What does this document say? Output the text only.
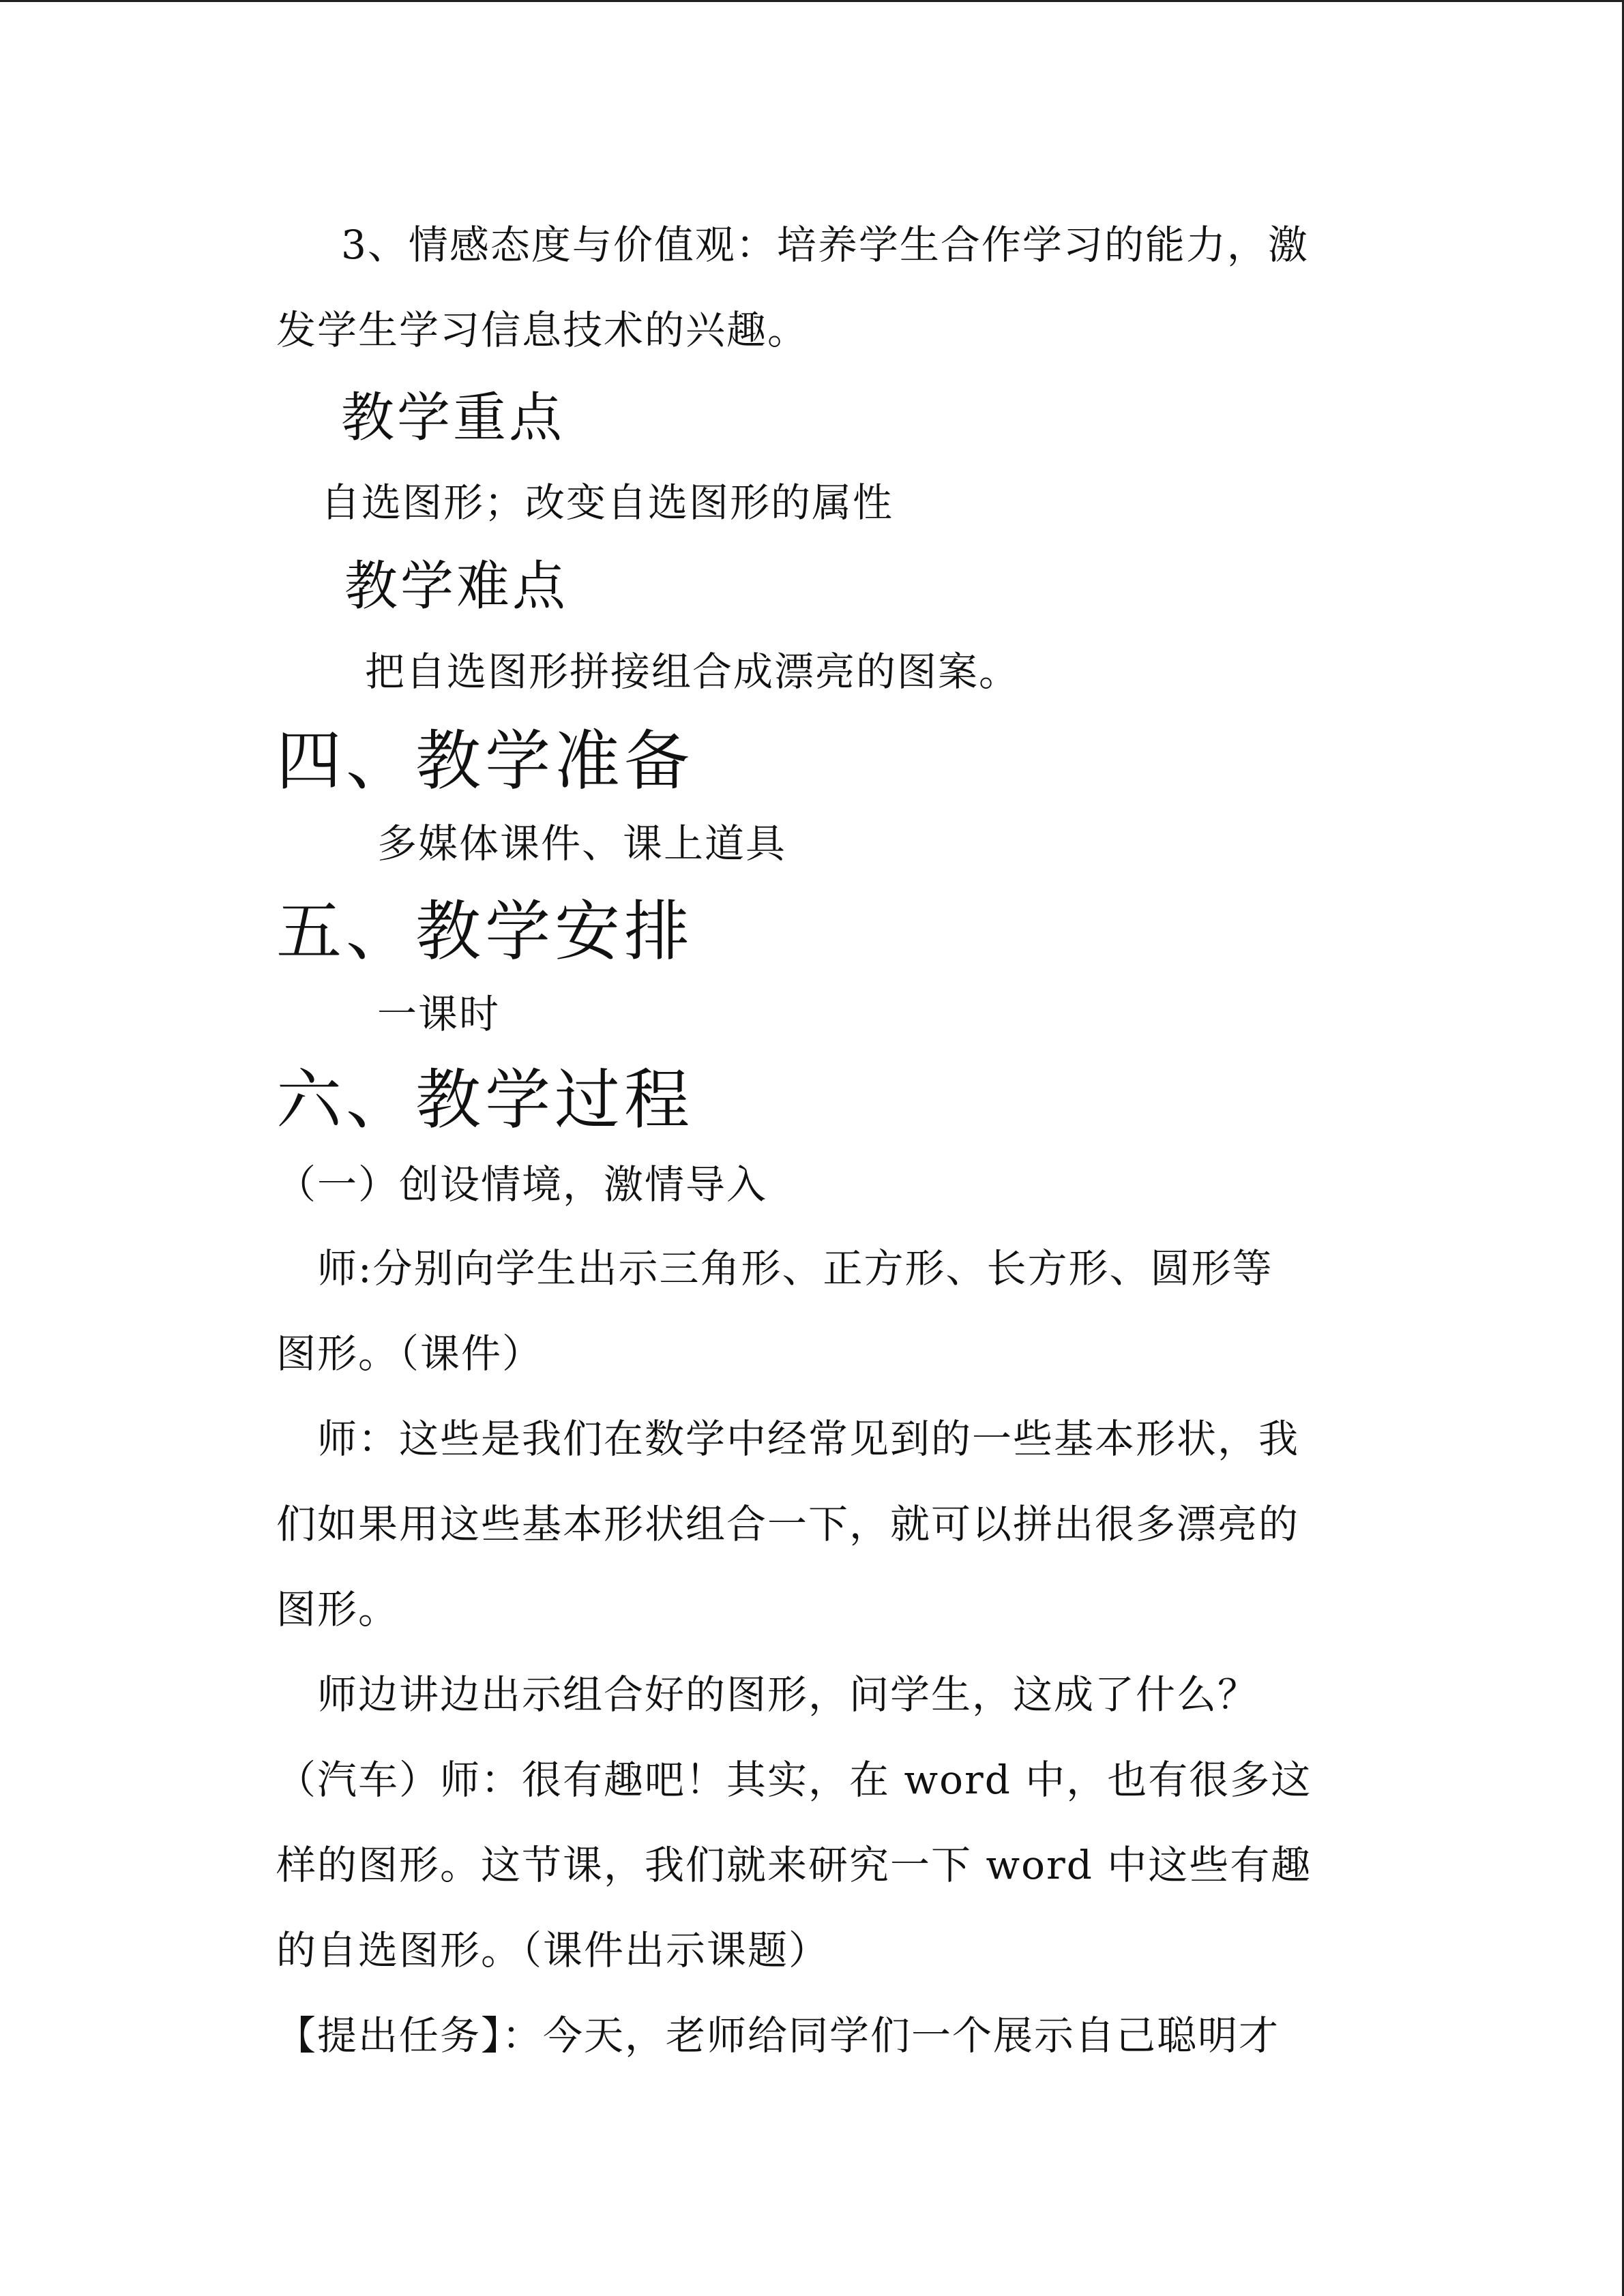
3、情感态度与价值观：培养学生合作学习的能力，激

发学生学习信息技术的兴趣。

教学重点

自选图形；改变自选图形的属性

教学难点

把自选图形拼接组合成漂亮的图案。

四、教学准备

多媒体课件、课上道具

五、教学安排

一课时

六、教学过程

（一）创设情境，激情导入

师:分别向学生出示三角形、正方形、长方形、圆形等

图形。（课件）

师：这些是我们在数学中经常见到的一些基本形状，我

们如果用这些基本形状组合一下，就可以拼出很多漂亮的

图形。

师边讲边出示组合好的图形，问学生，这成了什么？

（汽车）师：很有趣吧！其实，在 word 中，也有很多这

样的图形。这节课，我们就来研究一下 word 中这些有趣

的自选图形。（课件出示课题）

【提出任务】：今天，老师给同学们一个展示自己聪明才
